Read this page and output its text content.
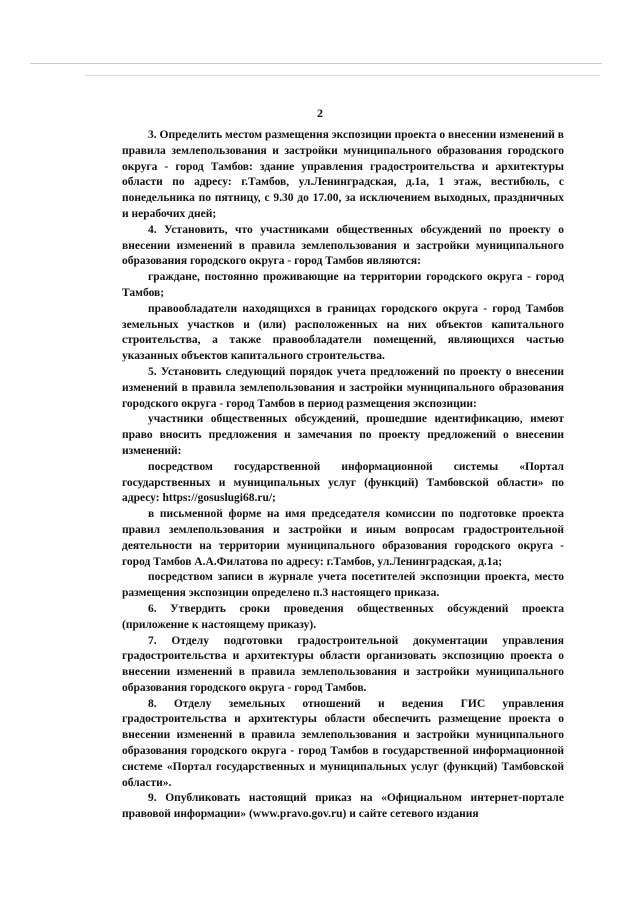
2

3. Определить местом размещения экспозиции проекта о внесении изменений в правила землепользования и застройки муниципального образования городского округа - город Тамбов: здание управления градостроительства и архитектуры области по адресу: г.Тамбов, ул.Ленинградская, д.1а, 1 этаж, вестибюль, с понедельника по пятницу, с 9.30 до 17.00, за исключением выходных, праздничных и нерабочих дней;

4. Установить, что участниками общественных обсуждений по проекту о внесении изменений в правила землепользования и застройки муниципального образования городского округа - город Тамбов являются:

граждане, постоянно проживающие на территории городского округа - город Тамбов;

правообладатели находящихся в границах городского округа - город Тамбов земельных участков и (или) расположенных на них объектов капитального строительства, а также правообладатели помещений, являющихся частью указанных объектов капитального строительства.

5. Установить следующий порядок учета предложений по проекту о внесении изменений в правила землепользования и застройки муниципального образования городского округа - город Тамбов в период размещения экспозиции:

участники общественных обсуждений, прошедшие идентификацию, имеют право вносить предложения и замечания по проекту предложений о внесении изменений:

посредством государственной информационной системы «Портал государственных и муниципальных услуг (функций) Тамбовской области» по адресу: https://gosuslugi68.ru/;

в письменной форме на имя председателя комиссии по подготовке проекта правил землепользования и застройки и иным вопросам градостроительной деятельности на территории муниципального образования городского округа - город Тамбов А.А.Филатова по адресу: г.Тамбов, ул.Ленинградская, д.1а;

посредством записи в журнале учета посетителей экспозиции проекта, место размещения экспозиции определено п.3 настоящего приказа.

6. Утвердить сроки проведения общественных обсуждений проекта (приложение к настоящему приказу).

7. Отделу подготовки градостроительной документации управления градостроительства и архитектуры области организовать экспозицию проекта о внесении изменений в правила землепользования и застройки муниципального образования городского округа - город Тамбов.

8. Отделу земельных отношений и ведения ГИС управления градостроительства и архитектуры области обеспечить размещение проекта о внесении изменений в правила землепользования и застройки муниципального образования городского округа - город Тамбов в государственной информационной системе «Портал государственных и муниципальных услуг (функций) Тамбовской области».

9. Опубликовать настоящий приказ на «Официальном интернет-портале правовой информации» (www.pravo.gov.ru) и сайте сетевого издания
